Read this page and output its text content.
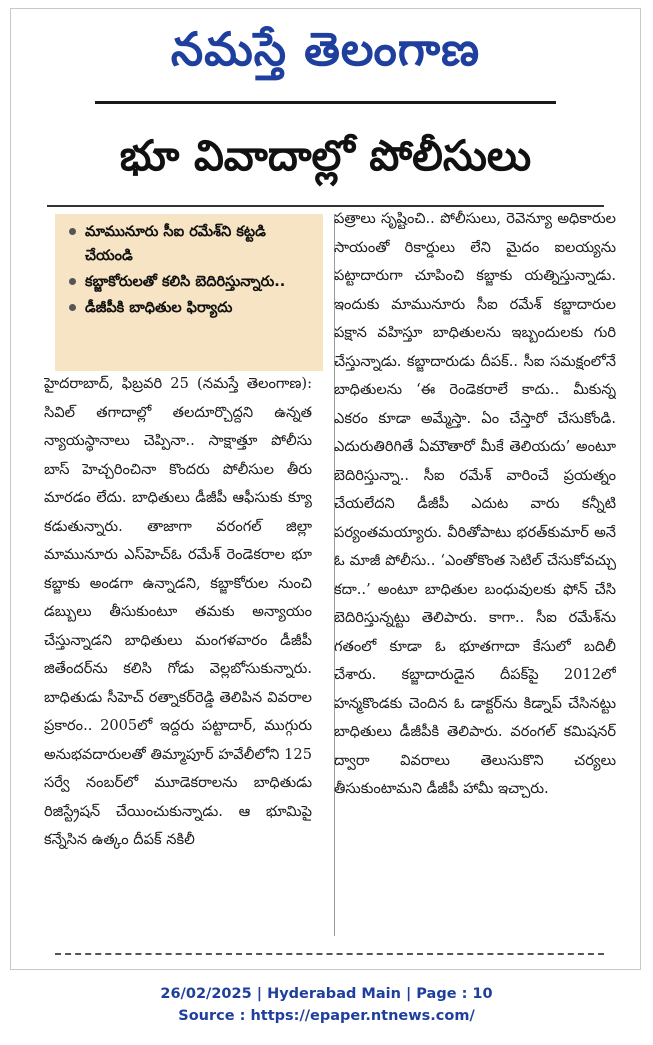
నమస్తే తెలంగాణ
భూ వివాదాల్లో పోలీసులు
మామునూరు సీఐ రమేశ్‌ని కట్టడి చేయండి
కబ్జాకోరులతో కలిసి బెదిరిస్తున్నారు..
డీజీపీకి బాధితుల ఫిర్యాదు

హైదరాబాద్, ఫిబ్రవరి 25 (నమస్తే తెలంగాణ): సివిల్ తగాదాల్లో తలదూర్చొద్దని ఉన్నత న్యాయస్థానాలు చెప్పినా.. సాక్షాత్తూ పోలీసు బాస్ హెచ్చరించినా కొందరు పోలీసుల తీరు మారడం లేదు. బాధితులు డీజీపీ ఆఫీసుకు క్యూ కడుతున్నారు. తాజాగా వరంగల్ జిల్లా మామునూరు ఎస్‌హెచ్‌ఓ రమేశ్ రెండెకరాల భూ కబ్జాకు అండగా ఉన్నాడని, కబ్జాకోరుల నుంచి డబ్బులు తీసుకుంటూ తమకు అన్యాయం చేస్తున్నాడని బాధితులు మంగళవారం డీజీపీ జితేందర్‌ను కలిసి గోడు వెల్లబోసుకున్నారు. బాధితుడు సీహెచ్ రత్నాకర్‌రెడ్డి తెలిపిన వివరాల ప్రకారం.. 2005లో ఇద్దరు పట్టాదార్, ముగ్గురు అనుభవదారులతో తిమ్మాపూర్ హవేలీలోని 125 సర్వే నంబర్‌లో మూడెకరాలను బాధితుడు రిజిస్ట్రేషన్ చేయించుకున్నాడు. ఆ భూమిపై కన్నేసిన ఉత్కం దీపక్ నకిలీ

పత్రాలు సృష్టించి.. పోలీసులు, రెవెన్యూ అధికారుల సాయంతో రికార్డులు లేని మైదం ఐలయ్యను పట్టాదారుగా చూపించి కబ్జాకు యత్నిస్తున్నాడు. ఇందుకు మామునూరు సీఐ రమేశ్ కబ్జాదారుల పక్షాన వహిస్తూ బాధితులను ఇబ్బందులకు గురి చేస్తున్నాడు. కబ్జాదారుడు దీపక్.. సీఐ సమక్షంలోనే బాధితులను ‘ఈ రెండెకరాలే కాదు.. మీకున్న ఎకరం కూడా అమ్మేస్తా. ఏం చేస్తారో చేసుకోండి. ఎదురుతిరిగితే ఏమౌతారో మీకే తెలియదు’ అంటూ బెదిరిస్తున్నా.. సీఐ రమేశ్ వారించే ప్రయత్నం చేయలేదని డీజీపీ ఎదుట వారు కన్నీటి పర్యంతమయ్యారు. వీరితోపాటు భరత్‌కుమార్ అనే ఓ మాజీ పోలీసు.. ‘ఎంతోకొంత సెటిల్ చేసుకోవచ్చు కదా..’ అంటూ బాధితుల బంధువులకు ఫోన్ చేసి బెదిరిస్తున్నట్టు తెలిపారు. కాగా.. సీఐ రమేశ్‌ను గతంలో కూడా ఓ భూతగాదా కేసులో బదిలీ చేశారు. కబ్జాదారుడైన దీపక్‌పై 2012లో హన్మకొండకు చెందిన ఓ డాక్టర్‌ను కిడ్నాప్ చేసినట్టు బాధితులు డీజీపీకి తెలిపారు. వరంగల్ కమిషనర్ ద్వారా వివరాలు తెలుసుకొని చర్యలు తీసుకుంటామని డీజీపీ హామీ ఇచ్చారు.

26/02/2025 | Hyderabad Main | Page : 10
Source : https://epaper.ntnews.com/
